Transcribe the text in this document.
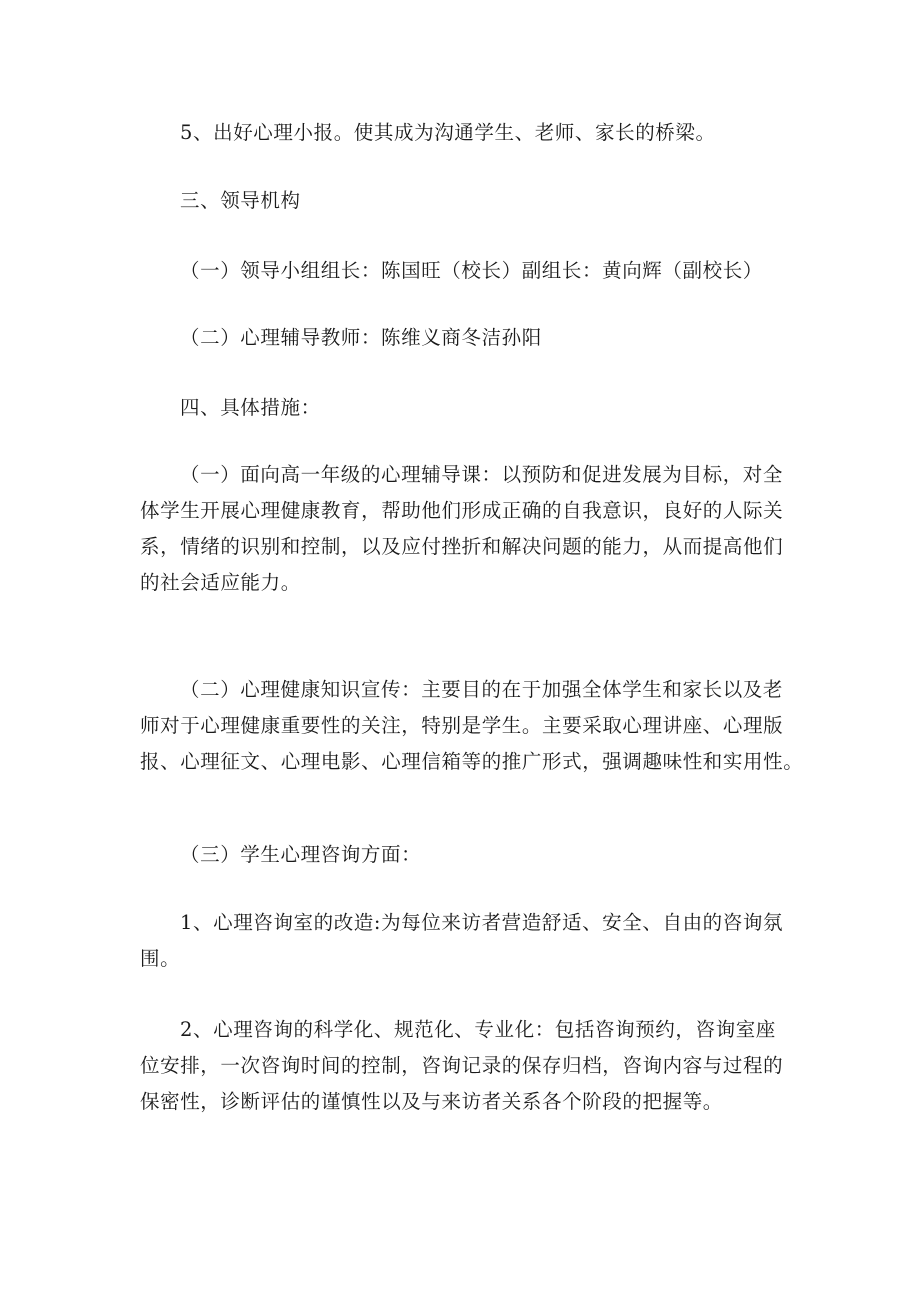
5、出好心理小报。使其成为沟通学生、老师、家长的桥梁。

三、领导机构

（一）领导小组组长：陈国旺（校长）副组长：黄向辉（副校长）

（二）心理辅导教师：陈维义商冬洁孙阳

四、具体措施：

（一）面向高一年级的心理辅导课：以预防和促进发展为目标，对全
体学生开展心理健康教育，帮助他们形成正确的自我意识，良好的人际关
系，情绪的识别和控制，以及应付挫折和解决问题的能力，从而提高他们
的社会适应能力。

（二）心理健康知识宣传：主要目的在于加强全体学生和家长以及老
师对于心理健康重要性的关注，特别是学生。主要采取心理讲座、心理版
报、心理征文、心理电影、心理信箱等的推广形式，强调趣味性和实用性。

（三）学生心理咨询方面：

1、心理咨询室的改造:为每位来访者营造舒适、安全、自由的咨询氛
围。

2、心理咨询的科学化、规范化、专业化：包括咨询预约，咨询室座
位安排，一次咨询时间的控制，咨询记录的保存归档，咨询内容与过程的
保密性，诊断评估的谨慎性以及与来访者关系各个阶段的把握等。
